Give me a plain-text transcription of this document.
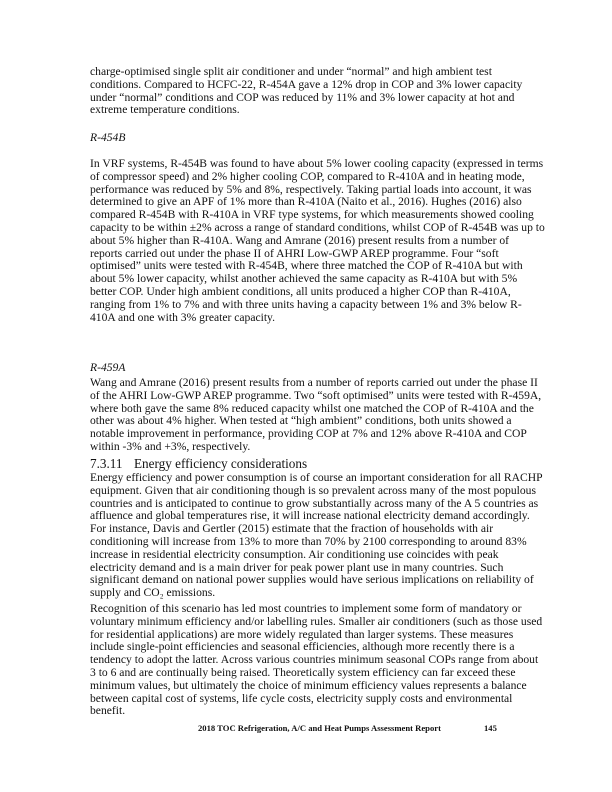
charge-optimised single split air conditioner and under “normal” and high ambient test
conditions. Compared to HCFC-22, R-454A gave a 12% drop in COP and 3% lower capacity
under “normal” conditions and COP was reduced by 11% and 3% lower capacity at hot and
extreme temperature conditions.
R-454B
In VRF systems, R-454B was found to have about 5% lower cooling capacity (expressed in terms
of compressor speed) and 2% higher cooling COP, compared to R-410A and in heating mode,
performance was reduced by 5% and 8%, respectively. Taking partial loads into account, it was
determined to give an APF of 1% more than R-410A (Naito et al., 2016). Hughes (2016) also
compared R-454B with R-410A in VRF type systems, for which measurements showed cooling
capacity to be within ±2% across a range of standard conditions, whilst COP of R-454B was up to
about 5% higher than R-410A. Wang and Amrane (2016) present results from a number of
reports carried out under the phase II of AHRI Low-GWP AREP programme. Four “soft
optimised” units were tested with R-454B, where three matched the COP of R-410A but with
about 5% lower capacity, whilst another achieved the same capacity as R-410A but with 5%
better COP. Under high ambient conditions, all units produced a higher COP than R-410A,
ranging from 1% to 7% and with three units having a capacity between 1% and 3% below R-
410A and one with 3% greater capacity.
R-459A
Wang and Amrane (2016) present results from a number of reports carried out under the phase II
of the AHRI Low-GWP AREP programme. Two “soft optimised” units were tested with R-459A,
where both gave the same 8% reduced capacity whilst one matched the COP of R-410A and the
other was about 4% higher. When tested at “high ambient” conditions, both units showed a
notable improvement in performance, providing COP at 7% and 12% above R-410A and COP
within -3% and +3%, respectively.
7.3.11 Energy efficiency considerations
Energy efficiency and power consumption is of course an important consideration for all RACHP
equipment. Given that air conditioning though is so prevalent across many of the most populous
countries and is anticipated to continue to grow substantially across many of the A 5 countries as
affluence and global temperatures rise, it will increase national electricity demand accordingly.
For instance, Davis and Gertler (2015) estimate that the fraction of households with air
conditioning will increase from 13% to more than 70% by 2100 corresponding to around 83%
increase in residential electricity consumption. Air conditioning use coincides with peak
electricity demand and is a main driver for peak power plant use in many countries. Such
significant demand on national power supplies would have serious implications on reliability of
supply and CO₂ emissions.
Recognition of this scenario has led most countries to implement some form of mandatory or
voluntary minimum efficiency and/or labelling rules. Smaller air conditioners (such as those used
for residential applications) are more widely regulated than larger systems. These measures
include single-point efficiencies and seasonal efficiencies, although more recently there is a
tendency to adopt the latter. Across various countries minimum seasonal COPs range from about
3 to 6 and are continually being raised. Theoretically system efficiency can far exceed these
minimum values, but ultimately the choice of minimum efficiency values represents a balance
between capital cost of systems, life cycle costs, electricity supply costs and environmental
benefit.
2018 TOC Refrigeration, A/C and Heat Pumps Assessment Report	145
